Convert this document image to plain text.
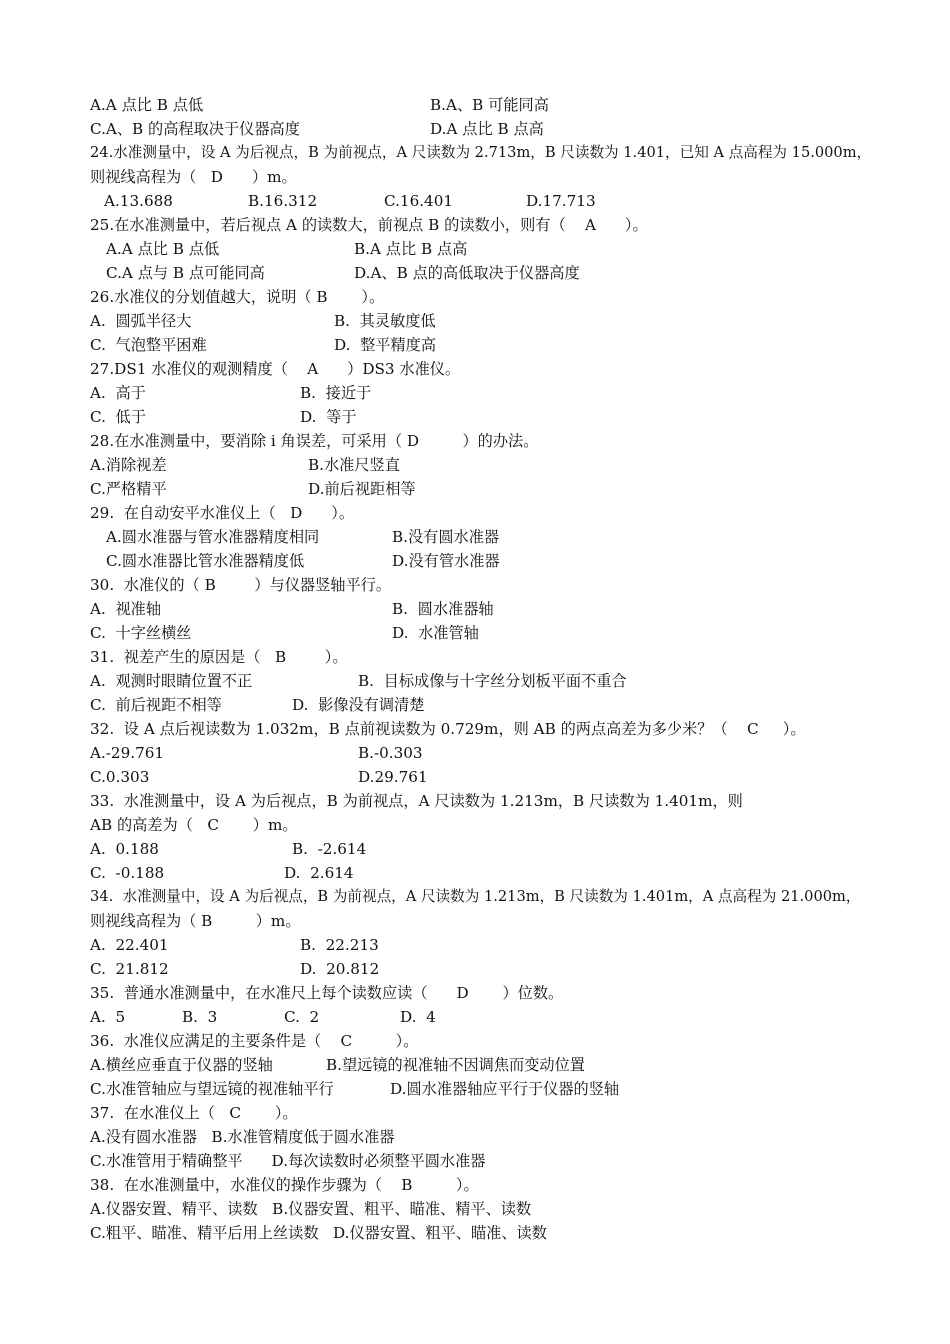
A.A 点比 B 点低	B.A、B 可能同高
C.A、B 的高程取决于仪器高度	D.A 点比 B 点高
24.水准测量中，设 A 为后视点，B 为前视点，A 尺读数为 2.713m，B 尺读数为 1.401，已知 A 点高程为 15.000m，
则视线高程为（   D      ）m。
A.13.688	B.16.312	C.16.401	D.17.713
25.在水准测量中，若后视点 A 的读数大，前视点 B 的读数小，则有（    A      ）。
A.A 点比 B 点低	B.A 点比 B 点高
C.A 点与 B 点可能同高	D.A、B 点的高低取决于仪器高度
26.水准仪的分划值越大，说明（ B       ）。
A.  圆弧半径大	B.  其灵敏度低
C.  气泡整平困难	D.  整平精度高
27.DS1 水准仪的观测精度（    A      ）DS3 水准仪。
A.  高于	B.  接近于
C.  低于	D.  等于
28.在水准测量中，要消除 i 角误差，可采用（ D         ）的办法。
A.消除视差	B.水准尺竖直
C.严格精平	D.前后视距相等
29.  在自动安平水准仪上（   D      ）。
A.圆水准器与管水准器精度相同	B.没有圆水准器
C.圆水准器比管水准器精度低	D.没有管水准器
30.  水准仪的（ B        ）与仪器竖轴平行。
A.  视准轴	B.  圆水准器轴
C.  十字丝横丝	D.  水准管轴
31.  视差产生的原因是（   B        ）。
A.  观测时眼睛位置不正	B.  目标成像与十字丝分划板平面不重合
C.  前后视距不相等	D.  影像没有调清楚
32.  设 A 点后视读数为 1.032m，B 点前视读数为 0.729m，则 AB 的两点高差为多少米？（    C     ）。
A.-29.761	B.-0.303
C.0.303	D.29.761
33.  水准测量中，设 A 为后视点，B 为前视点，A 尺读数为 1.213m，B 尺读数为 1.401m，则
AB 的高差为（   C       ）m。
A.  0.188	B.  -2.614
C.  -0.188	D.  2.614
34.  水准测量中，设 A 为后视点，B 为前视点，A 尺读数为 1.213m，B 尺读数为 1.401m，A 点高程为 21.000m，
则视线高程为（ B         ）m。
A.  22.401	B.  22.213
C.  21.812	D.  20.812
35.  普通水准测量中，在水准尺上每个读数应读（      D       ）位数。
A.  5	B.  3	C.  2	D.  4
36.  水准仪应满足的主要条件是（    C         ）。
A.横丝应垂直于仪器的竖轴	B.望远镜的视准轴不因调焦而变动位置
C.水准管轴应与望远镜的视准轴平行	D.圆水准器轴应平行于仪器的竖轴
37.  在水准仪上（   C       ）。
A.没有圆水准器   B.水准管精度低于圆水准器
C.水准管用于精确整平      D.每次读数时必须整平圆水准器
38.  在水准测量中，水准仪的操作步骤为（    B         ）。
A.仪器安置、精平、读数   B.仪器安置、粗平、瞄准、精平、读数
C.粗平、瞄准、精平后用上丝读数   D.仪器安置、粗平、瞄准、读数
